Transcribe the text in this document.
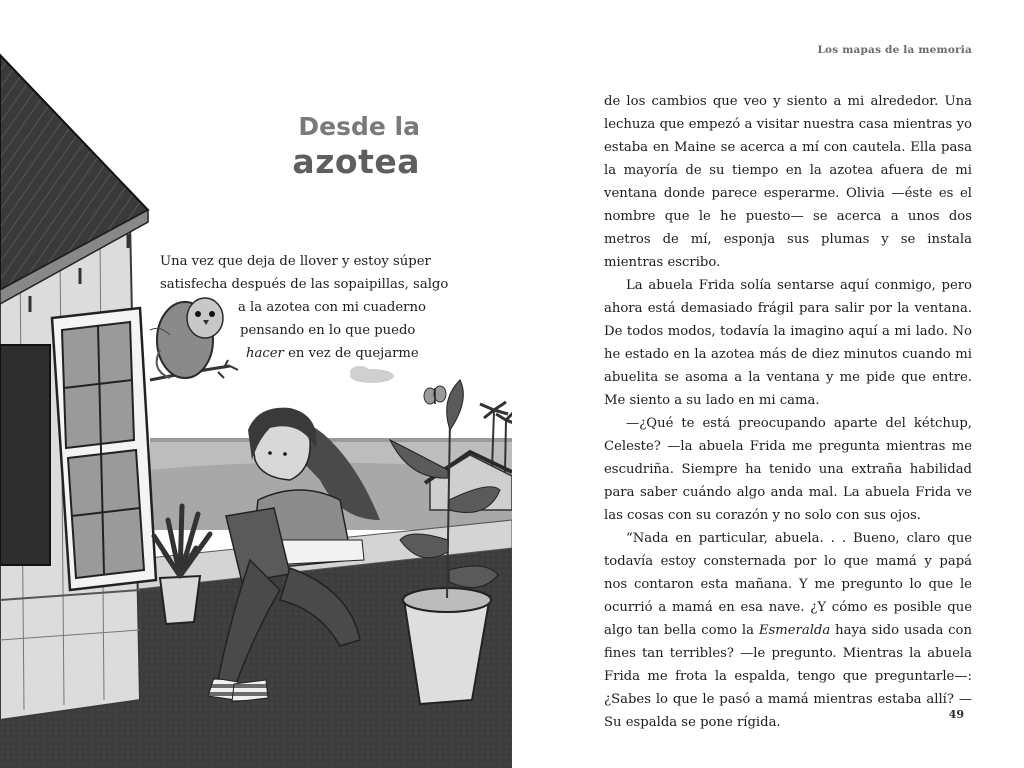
Desde la
azotea
Una vez que deja de llover y estoy súper
satisfecha después de las sopaipillas, salgo
a la azotea con mi cuaderno
pensando en lo que puedo
hacer en vez de quejarme
Los mapas de la memoria

de los cambios que veo y siento a mi alrededor. Una lechuza que empezó a visitar nuestra casa mientras yo estaba en Maine se acerca a mí con cautela. Ella pasa la mayoría de su tiempo en la azotea afuera de mi ventana donde parece esperarme. Olivia —éste es el nombre que le he puesto— se acerca a unos dos metros de mí, esponja sus plumas y se instala mientras escribo.

La abuela Frida solía sentarse aquí conmigo, pero ahora está demasiado frágil para salir por la ventana. De todos modos, todavía la imagino aquí a mi lado. No he estado en la azotea más de diez minutos cuando mi abuelita se asoma a la ventana y me pide que entre. Me siento a su lado en mi cama.

—¿Qué te está preocupando aparte del kétchup, Celeste? —la abuela Frida me pregunta mientras me escudriña. Siempre ha tenido una extraña habilidad para saber cuándo algo anda mal. La abuela Frida ve las cosas con su corazón y no solo con sus ojos.

“Nada en particular, abuela. . . Bueno, claro que todavía estoy consternada por lo que mamá y papá nos contaron esta mañana. Y me pregunto lo que le ocurrió a mamá en esa nave. ¿Y cómo es posible que algo tan bella como la Esmeralda haya sido usada con fines tan terribles? —le pregunto. Mientras la abuela Frida me frota la espalda, tengo que preguntarle—: ¿Sabes lo que le pasó a mamá mientras estaba allí? —Su espalda se pone rígida.

49
